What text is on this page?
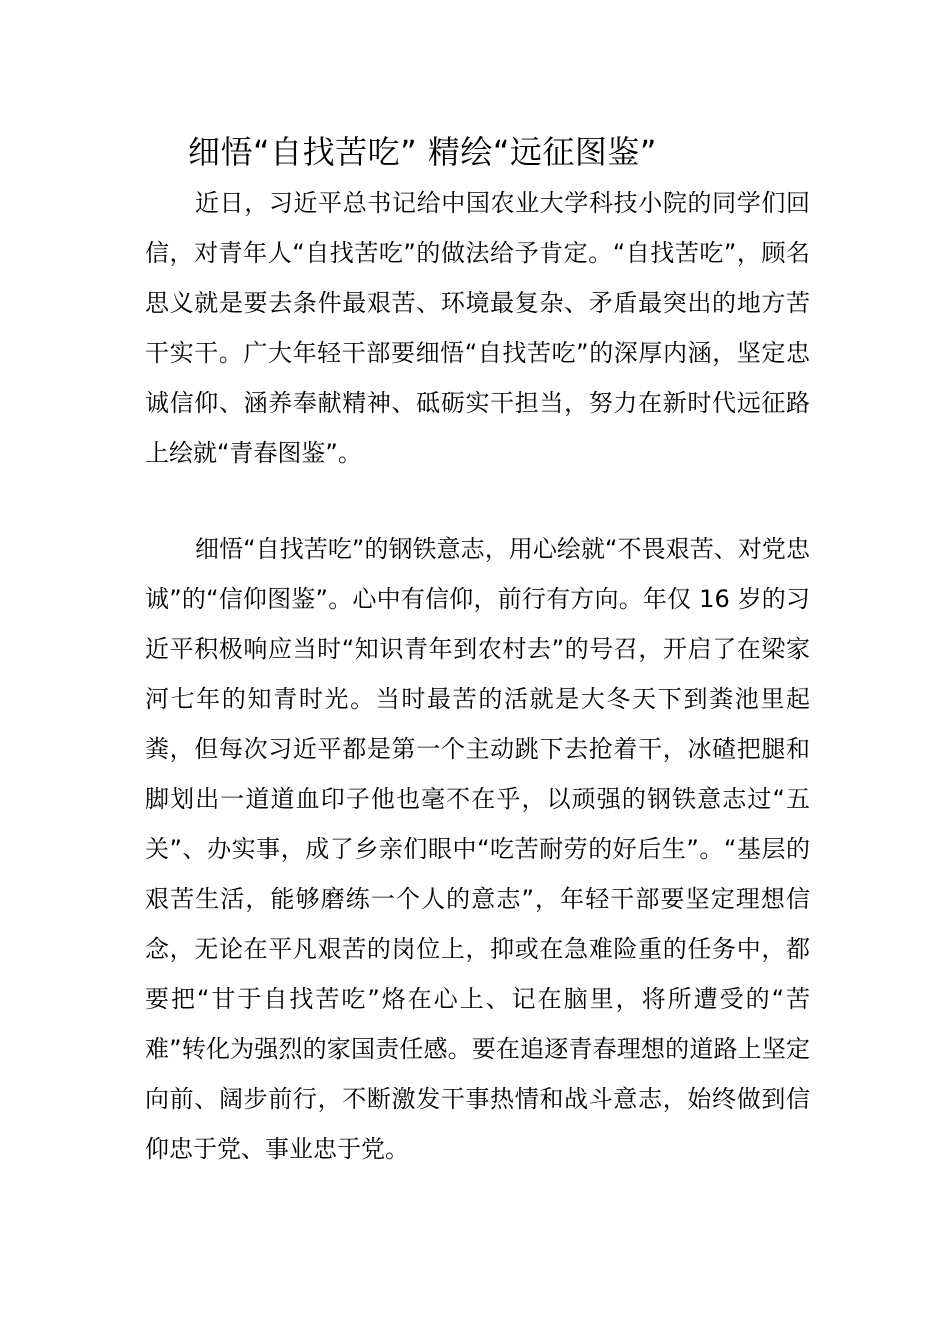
细悟“自找苦吃” 精绘“远征图鉴”

近日，习近平总书记给中国农业大学科技小院的同学们回信，对青年人“自找苦吃”的做法给予肯定。“自找苦吃”，顾名思义就是要去条件最艰苦、环境最复杂、矛盾最突出的地方苦干实干。广大年轻干部要细悟“自找苦吃”的深厚内涵，坚定忠诚信仰、涵养奉献精神、砥砺实干担当，努力在新时代远征路上绘就“青春图鉴”。

细悟“自找苦吃”的钢铁意志，用心绘就“不畏艰苦、对党忠诚”的“信仰图鉴”。心中有信仰，前行有方向。年仅 16 岁的习近平积极响应当时“知识青年到农村去”的号召，开启了在梁家河七年的知青时光。当时最苦的活就是大冬天下到粪池里起粪，但每次习近平都是第一个主动跳下去抢着干，冰碴把腿和脚划出一道道血印子他也毫不在乎，以顽强的钢铁意志过“五关”、办实事，成了乡亲们眼中“吃苦耐劳的好后生”。“基层的艰苦生活，能够磨练一个人的意志”，年轻干部要坚定理想信念，无论在平凡艰苦的岗位上，抑或在急难险重的任务中，都要把“甘于自找苦吃”烙在心上、记在脑里，将所遭受的“苦难”转化为强烈的家国责任感。要在追逐青春理想的道路上坚定向前、阔步前行，不断激发干事热情和战斗意志，始终做到信仰忠于党、事业忠于党。
